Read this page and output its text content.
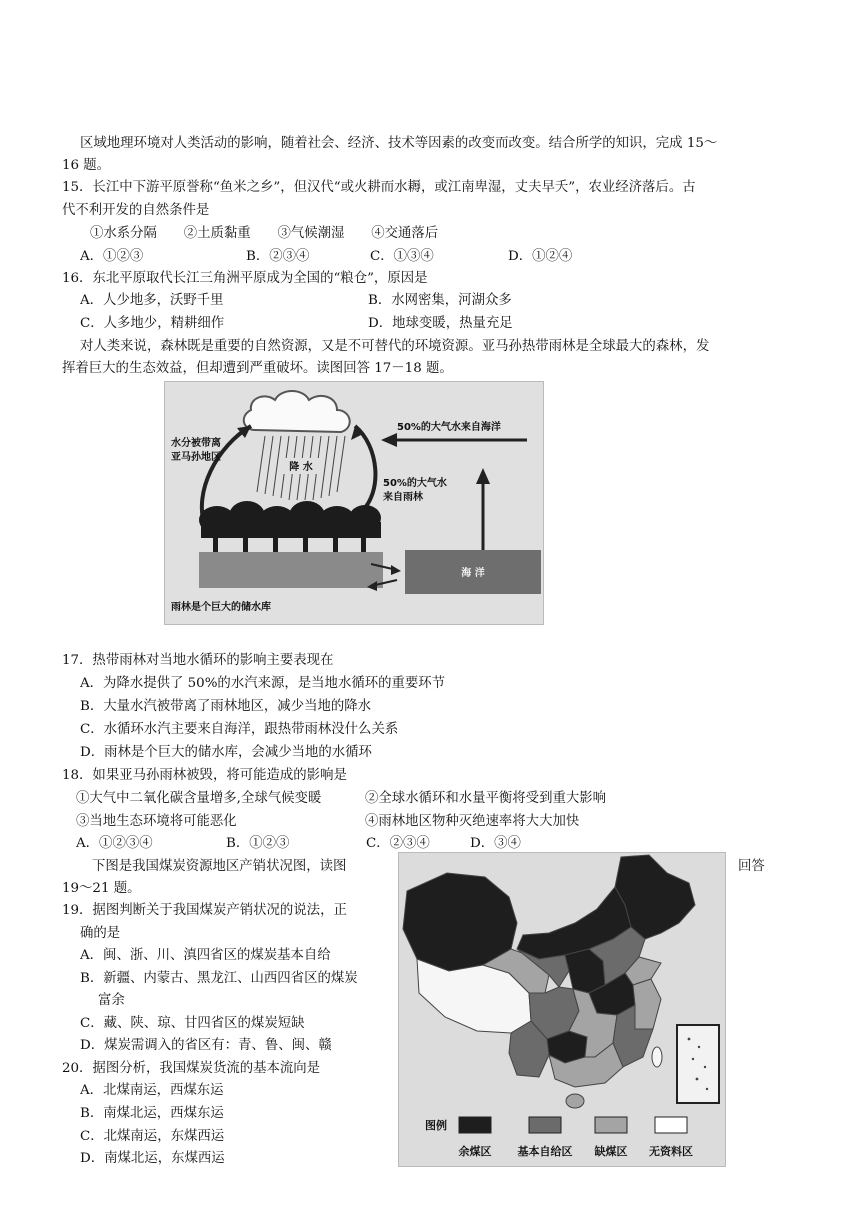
区域地理环境对人类活动的影响，随着社会、经济、技术等因素的改变而改变。结合所学的知识，完成 15～
16 题。
15．长江中下游平原誉称“鱼米之乡”，但汉代“或火耕而水耨，或江南卑湿，丈夫早夭”，农业经济落后。古
代不利开发的自然条件是
①水系分隔　　②土质黏重　　③气候潮湿　　④交通落后
A．①②③	B．②③④	C．①③④	D．①②④
16．东北平原取代长江三角洲平原成为全国的“粮仓”，原因是
A．人少地多，沃野千里	B．水网密集，河湖众多
C．人多地少，精耕细作	D．地球变暖，热量充足
对人类来说，森林既是重要的自然资源，又是不可替代的环境资源。亚马孙热带雨林是全球最大的森林，发
挥着巨大的生态效益，但却遭到严重破坏。读图回答 17－18 题。
降 水
水分被带离
亚马孙地区
50%的大气水来自海洋
50%的大气水
来自雨林
海 洋
雨林是个巨大的储水库
17．热带雨林对当地水循环的影响主要表现在
A．为降水提供了 50%的水汽来源，是当地水循环的重要环节
B．大量水汽被带离了雨林地区，减少当地的降水
C．水循环水汽主要来自海洋，跟热带雨林没什么关系
D．雨林是个巨大的储水库，会减少当地的水循环
18．如果亚马孙雨林被毁，将可能造成的影响是
①大气中二氧化碳含量增多,全球气候变暖	②全球水循环和水量平衡将受到重大影响
③当地生态环境将可能恶化	④雨林地区物种灭绝速率将大大加快
A．①②③④	B．①②③	C．②③④	D．③④
下图是我国煤炭资源地区产销状况图，读图	回答
19～21 题。
19．据图判断关于我国煤炭产销状况的说法，正
确的是
A．闽、浙、川、滇四省区的煤炭基本自给
B．新疆、内蒙古、黑龙江、山西四省区的煤炭
富余
C．藏、陕、琼、甘四省区的煤炭短缺
D．煤炭需调入的省区有：青、鲁、闽、赣
20．据图分析，我国煤炭货流的基本流向是
A．北煤南运，西煤东运
B．南煤北运，西煤东运
C．北煤南运，东煤西运
D．南煤北运，东煤西运
图例
余煤区 基本自给区 缺煤区 无资料区
